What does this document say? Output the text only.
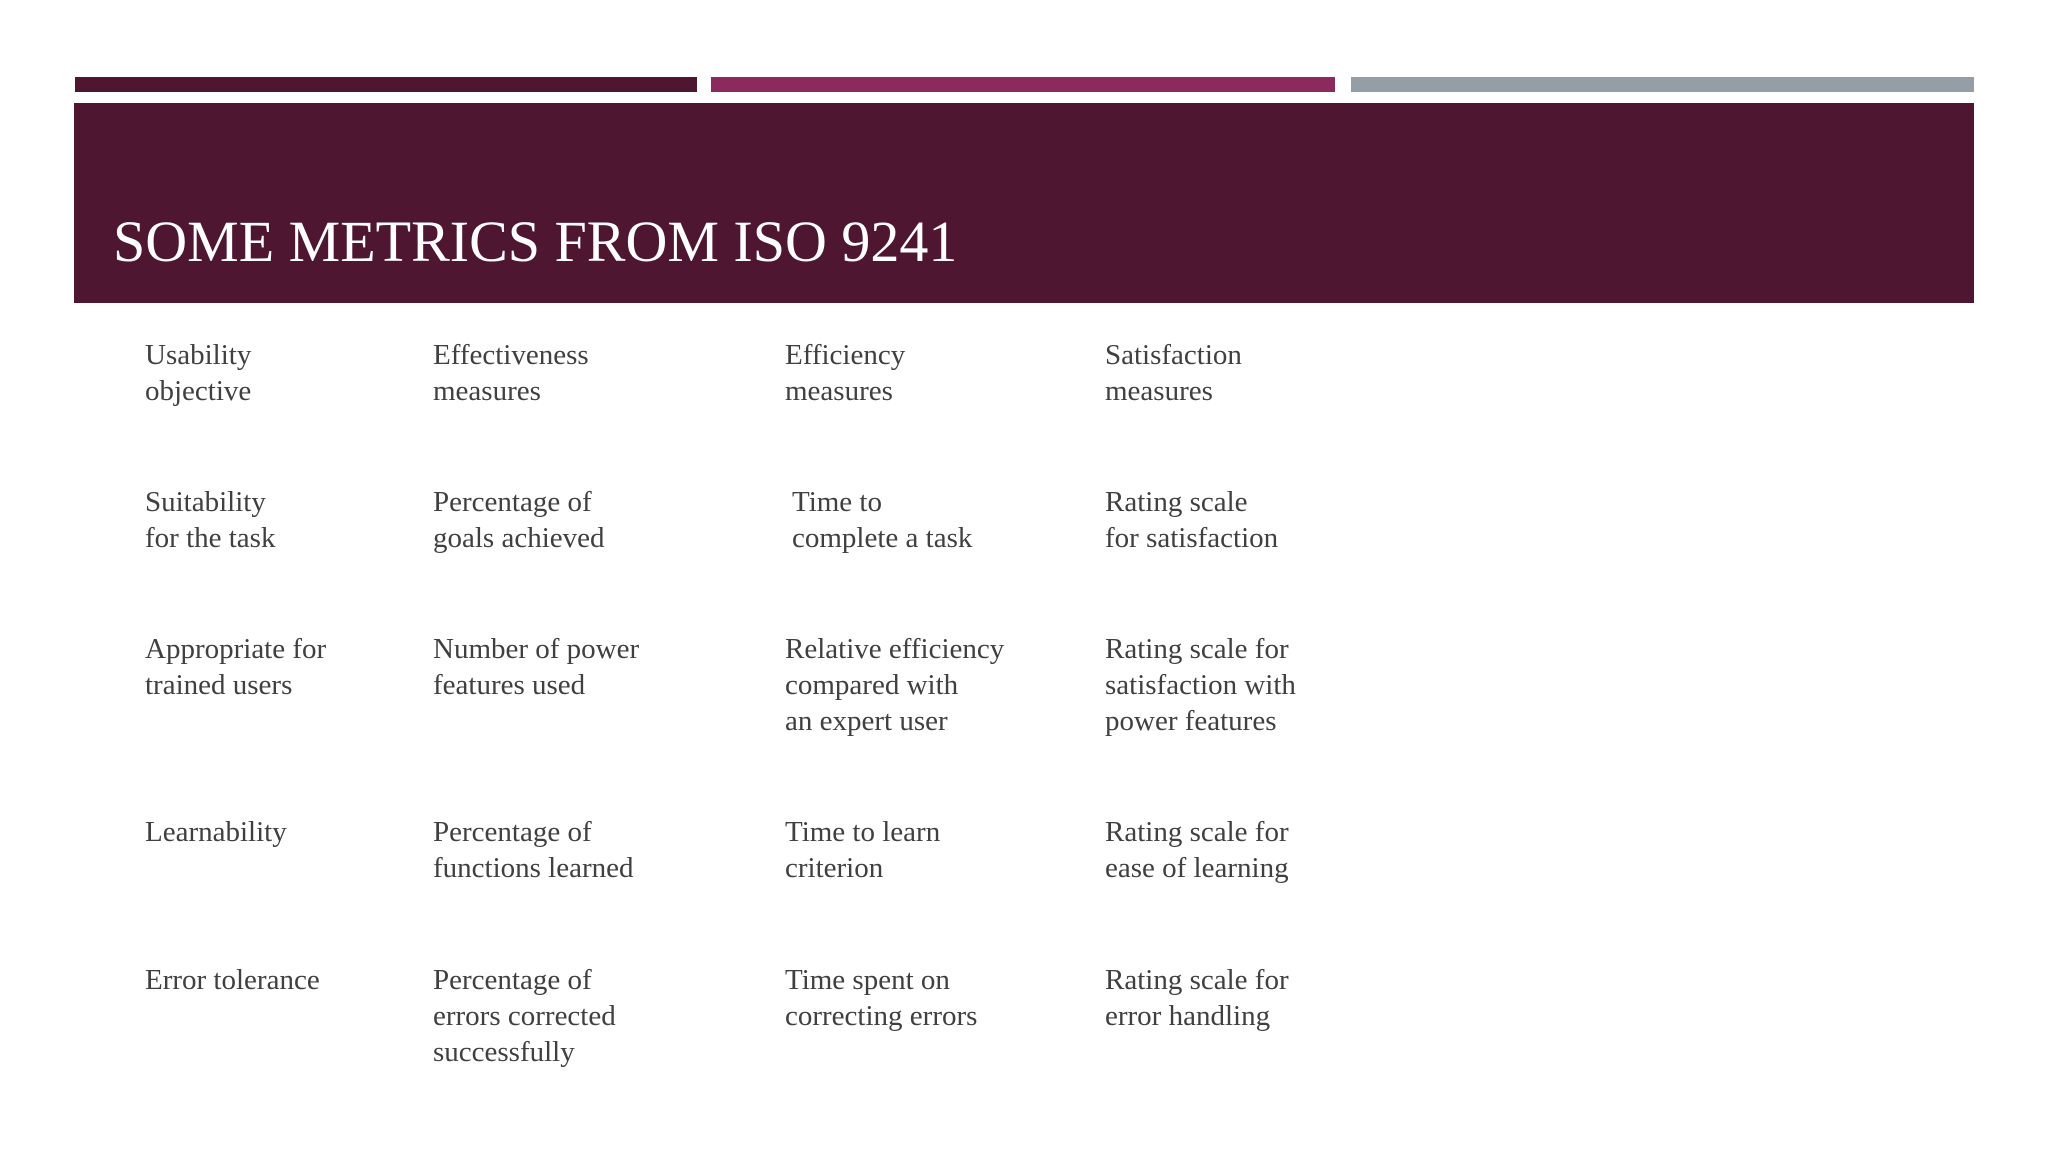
SOME METRICS FROM ISO 9241

Usability
objective

Effectiveness
measures

Efficiency
measures

Satisfaction
measures

Suitability
for the task

Percentage of
goals achieved

Time to
complete a task

Rating scale
for satisfaction

Appropriate for
trained users

Number of power
features used

Relative efficiency
compared with
an expert user

Rating scale for
satisfaction with
power features

Learnability	Percentage of
functions learned

Time to learn
criterion

Rating scale for
ease of learning

Error tolerance	Percentage of
errors corrected
successfully

Time spent on
correcting errors

Rating scale for
error handling
